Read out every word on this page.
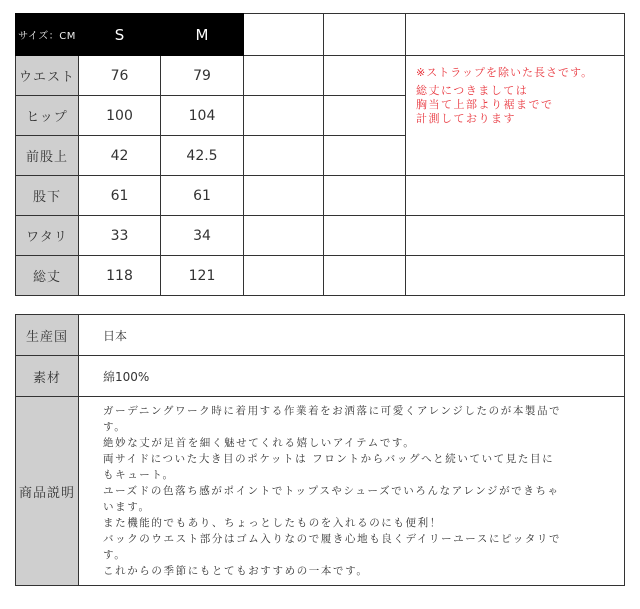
サイズ：CM	S	M			
ウエスト	76	79			※ストラップを除いた長さです。
総丈につきましては
胸当て上部より裾までで
計測しております

ヒップ	100	104			
前股上	42	42.5			
股下	61	61			
ワタリ	33	34			
総丈	118	121			
生産国	日本
素材	綿100%
商品説明	
ガーデニングワーク時に着用する作業着をお洒落に可愛くアレンジしたのが本製品で
す。
絶妙な丈が足首を細く魅せてくれる嬉しいアイテムです。
両サイドについた大き目のポケットは フロントからバッグへと続いていて見た目に
もキュート。
ユーズドの色落ち感がポイントでトップスやシューズでいろんなアレンジができちゃ
います。
また機能的でもあり、ちょっとしたものを入れるのにも便利！
バックのウエスト部分はゴム入りなので履き心地も良くデイリーユースにピッタリで
す。
これからの季節にもとてもおすすめの一本です。
